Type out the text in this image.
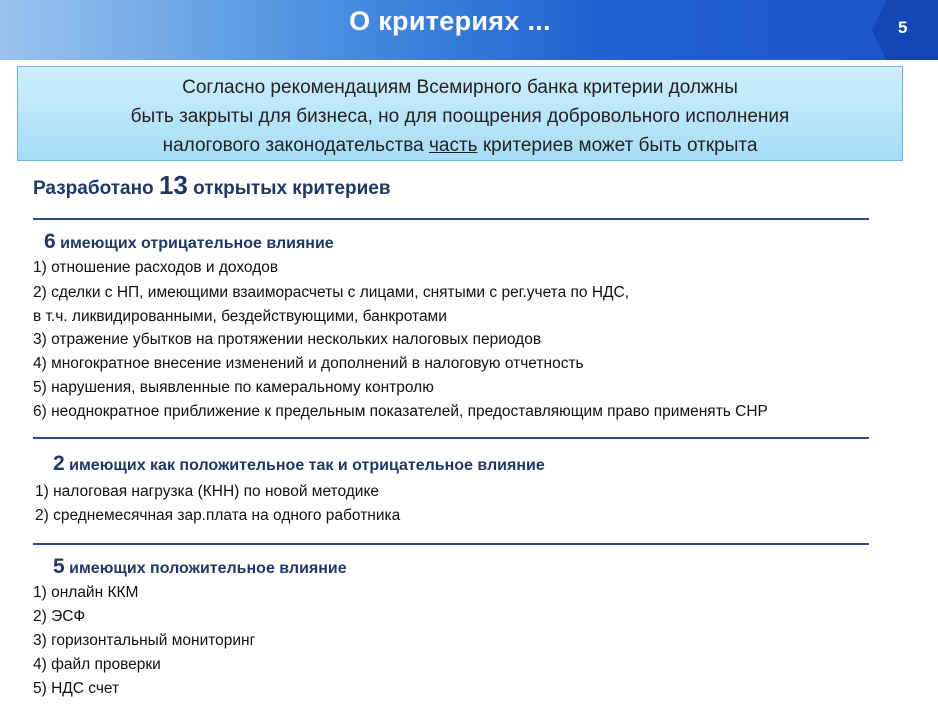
О критериях ...	5
Согласно рекомендациям Всемирного банка критерии должны
быть закрыты для бизнеса, но для поощрения добровольного исполнения
налогового законодательства часть критериев может быть открыта
Разработано 13 открытых критериев
6 имеющих отрицательное влияние
1) отношение расходов и доходов
2) сделки с НП, имеющими взаиморасчеты с лицами, снятыми с рег.учета по НДС,
в т.ч. ликвидированными, бездействующими, банкротами
3) отражение убытков на протяжении нескольких налоговых периодов
4) многократное внесение изменений и дополнений в налоговую отчетность
5) нарушения, выявленные по камеральному контролю
6) неоднократное приближение к предельным показателей, предоставляющим право применять СНР
2 имеющих как положительное так и отрицательное влияние
1) налоговая нагрузка (КНН) по новой методике
2) среднемесячная зар.плата на одного работника
5 имеющих положительное влияние
1) онлайн ККМ
2) ЭСФ
3) горизонтальный мониторинг
4) файл проверки
5) НДС счет
